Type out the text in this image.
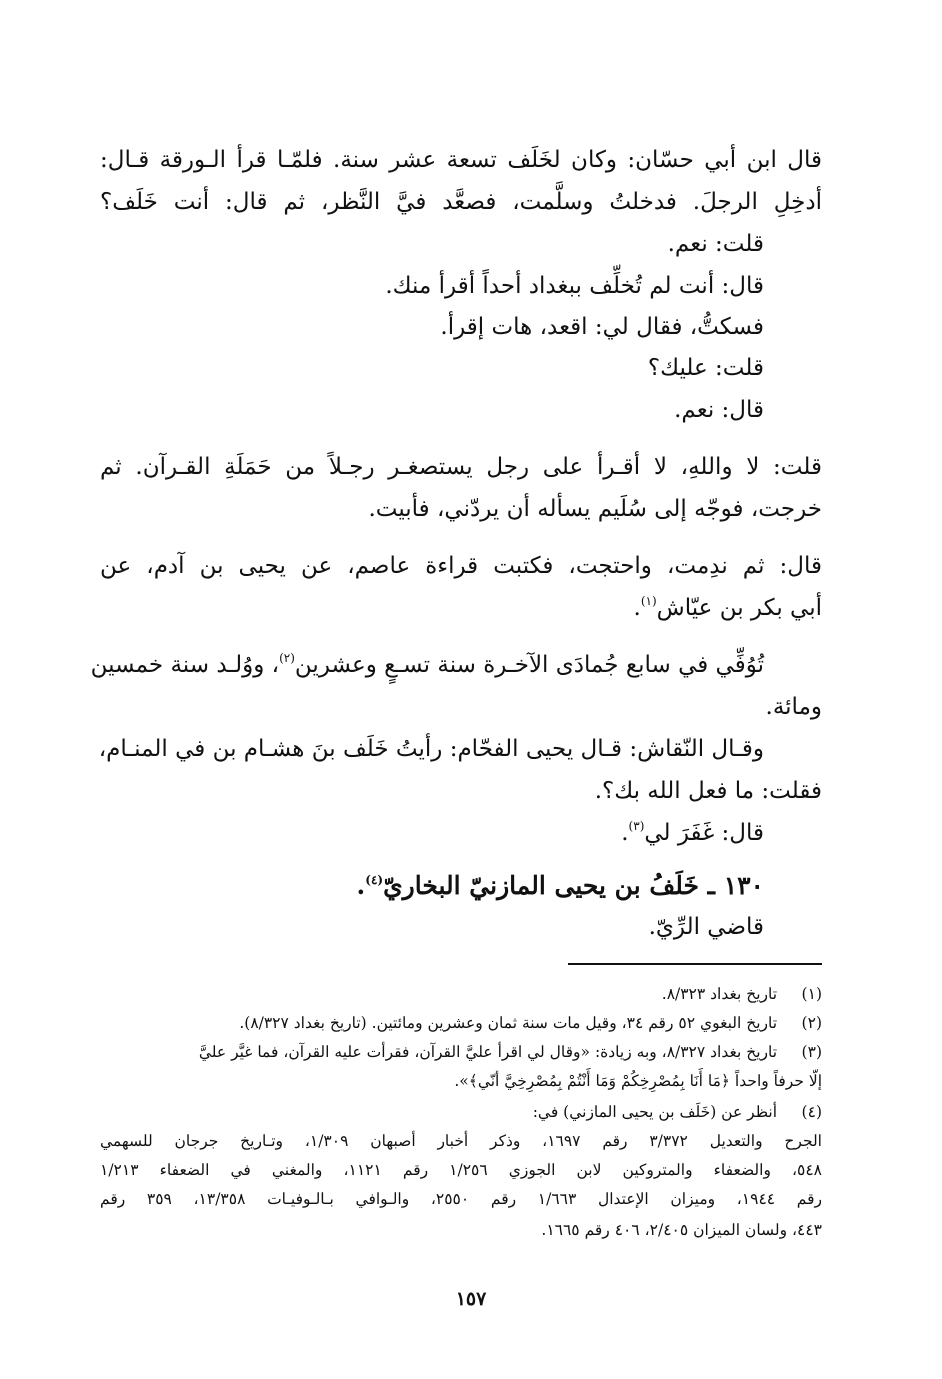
قال ابن أبي حسّان: وكان لخَلَف تسعة عشر سنة. فلمّـا قرأ الـورقة قـال:
أدخِلِ الرجلَ. فدخلتُ وسلَّمت، فصعَّد فيَّ النَّظر، ثم قال: أنت خَلَف؟
قلت: نعم.
قال: أنت لم تُخلِّف ببغداد أحداً أقرأ منك.
فسكتُّ، فقال لي: اقعد، هات إقرأ.
قلت: عليك؟
قال: نعم.
قلت: لا واللهِ، لا أقـرأ على رجل يستصغـر رجـلاً من حَمَلَةِ القـرآن. ثم
خرجت، فوجّه إلى سُلَيم يسأله أن يردّني، فأبيت.
قال: ثم ندِمت، واحتجت، فكتبت قراءة عاصم، عن يحيى بن آدم، عن
أبي بكر بن عيّاش$^{(١)}$.
تُوُفِّي في سابع جُمادَى الآخـرة سنة تسـعٍ وعشرين$^{(٢)}$، ووُلـد سنة خمسين
ومائة.
وقـال النّقاش: قـال يحيى الفحّام: رأيتُ خَلَف بنَ هشـام بن في المنـام،
فقلت: ما فعل الله بك؟.
قال: غَفَرَ لي$^{(٣)}$.
١٣٠ ـ خَلَفُ بن يحيى المازنيّ البخاريّ$^{(٤)}$.
قاضي الرِّيّ.
(١) تاريخ بغداد ٨/٣٢٣.
(٢) تاريخ البغوي ٥٢ رقم ٣٤، وقيل مات سنة ثمان وعشرين ومائتين. (تاريخ بغداد ٨/٣٢٧).
(٣) تاريخ بغداد ٨/٣٢٧، وبه زيادة: «وقال لي اقرأ عليَّ القرآن، فقرأت عليه القرآن، فما غيَّر عليَّ
إلّا حرفاً واحداً ﴿مَا أَنَا بِمُصْرِخِكُمْ وَمَا أَنْتُمْ بِمُصْرِخِيَّ أنّي﴾».
(٤) أنظر عن (خَلَف بن يحيى المازني) في:
الجرح والتعديل ٣/٣٧٢ رقم ١٦٩٧، وذكر أخبار أصبهان ١/٣٠٩، وتـاريخ جرجان للسهمي
٥٤٨، والضعفاء والمتروكين لابن الجوزي ١/٢٥٦ رقم ١١٢١، والمغني في الضعفاء ١/٢١٣
رقم ١٩٤٤، وميزان الإعتدال ١/٦٦٣ رقم ٢٥٥٠، والـوافي بـالـوفيـات ١٣/٣٥٨، ٣٥٩ رقم
٤٤٣، ولسان الميزان ٢/٤٠٥، ٤٠٦ رقم ١٦٦٥.
١٥٧
